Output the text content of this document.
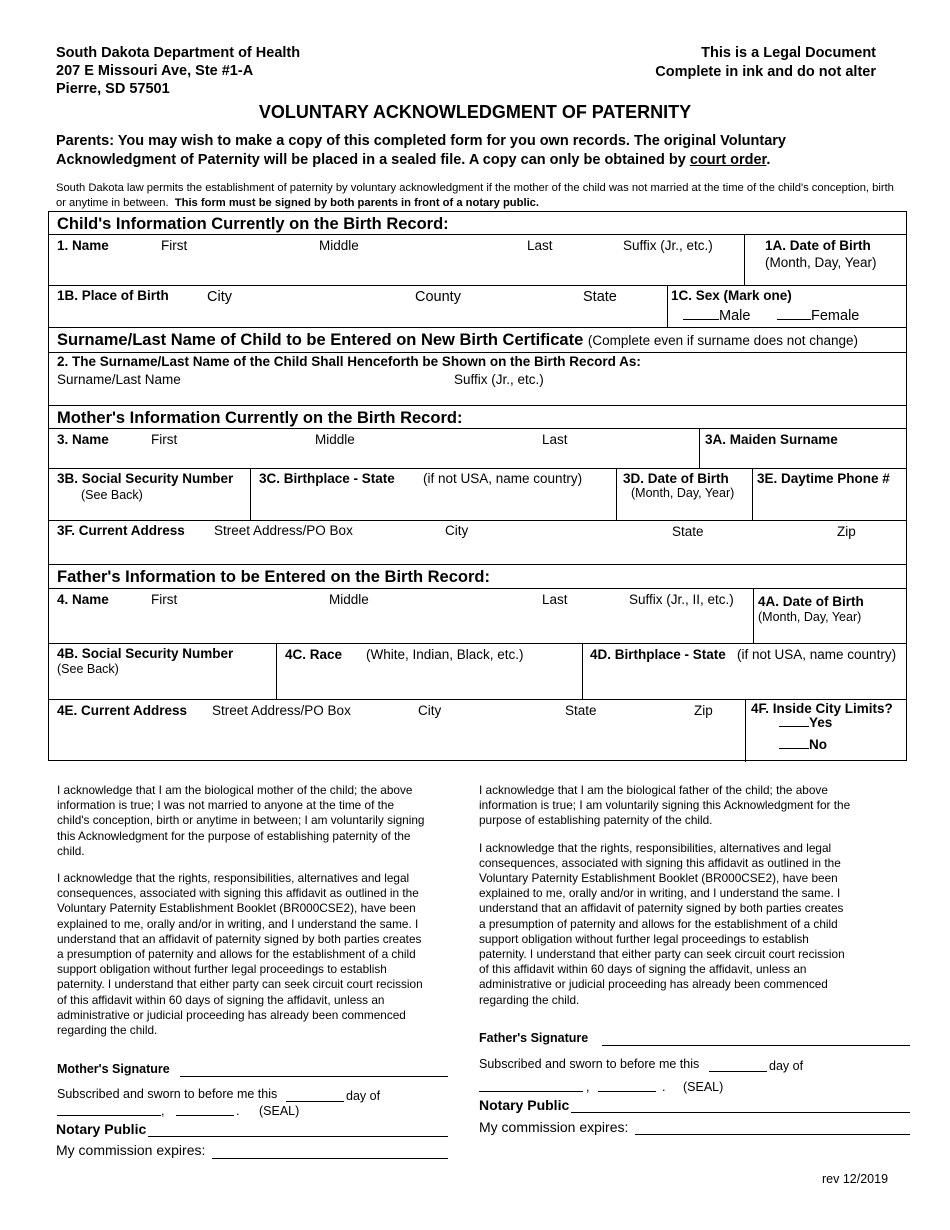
South Dakota Department of Health
207 E Missouri Ave, Ste #1-A
Pierre, SD 57501
This is a Legal Document
Complete in ink and do not alter
VOLUNTARY ACKNOWLEDGMENT OF PATERNITY
Parents: You may wish to make a copy of this completed form for you own records. The original Voluntary Acknowledgment of Paternity will be placed in a sealed file. A copy can only be obtained by court order.
South Dakota law permits the establishment of paternity by voluntary acknowledgment if the mother of the child was not married at the time of the child's conception, birth or anytime in between. This form must be signed by both parents in front of a notary public.
Child's Information Currently on the Birth Record:
1. Name	First	Middle	Last	Suffix (Jr., etc.)	1A. Date of Birth
(Month, Day, Year)
1B. Place of Birth	City	County	State	1C. Sex (Mark one)
Male	Female
Surname/Last Name of Child to be Entered on New Birth Certificate (Complete even if surname does not change)
2. The Surname/Last Name of the Child Shall Henceforth be Shown on the Birth Record As:
Surname/Last Name	Suffix (Jr., etc.)
Mother's Information Currently on the Birth Record:
3. Name	First	Middle	Last	3A. Maiden Surname
3B. Social Security Number
(See Back)
3C. Birthplace - State (if not USA, name country)	3D. Date of Birth
(Month, Day, Year)
3E. Daytime Phone #
3F. Current Address Street Address/PO Box	City	State	Zip
Father's Information to be Entered on the Birth Record:
4. Name	First	Middle	Last	Suffix (Jr., II, etc.) 4A. Date of Birth
(Month, Day, Year)
4B. Social Security Number
(See Back)
4C. Race (White, Indian, Black, etc.)	4D. Birthplace - State (if not USA, name country)
4E. Current Address Street Address/PO Box	City	State	Zip	4F. Inside City Limits?
Yes
No

I acknowledge that I am the biological mother of the child; the above information is true; I was not married to anyone at the time of the child's conception, birth or anytime in between; I am voluntarily signing this Acknowledgment for the purpose of establishing paternity of the child.

I acknowledge that the rights, responsibilities, alternatives and legal consequences, associated with signing this affidavit as outlined in the Voluntary Paternity Establishment Booklet (BR000CSE2), have been explained to me, orally and/or in writing, and I understand the same. I understand that an affidavit of paternity signed by both parties creates a presumption of paternity and allows for the establishment of a child support obligation without further legal proceedings to establish paternity. I understand that either party can seek circuit court recission of this affidavit within 60 days of signing the affidavit, unless an administrative or judicial proceeding has already been commenced regarding the child.

Mother's Signature
Subscribed and sworn to before me this	day of
,	. (SEAL)
Notary Public
My commission expires:

I acknowledge that I am the biological father of the child; the above information is true; I am voluntarily signing this Acknowledgment for the purpose of establishing paternity of the child.

I acknowledge that the rights, responsibilities, alternatives and legal consequences, associated with signing this affidavit as outlined in the Voluntary Paternity Establishment Booklet (BR000CSE2), have been explained to me, orally and/or in writing, and I understand the same. I understand that an affidavit of paternity signed by both parties creates a presumption of paternity and allows for the establishment of a child support obligation without further legal proceedings to establish paternity. I understand that either party can seek circuit court recission of this affidavit within 60 days of signing the affidavit, unless an administrative or judicial proceeding has already been commenced regarding the child.

Father's Signature
Subscribed and sworn to before me this	day of
,	. (SEAL)
Notary Public
My commission expires:
rev 12/2019
